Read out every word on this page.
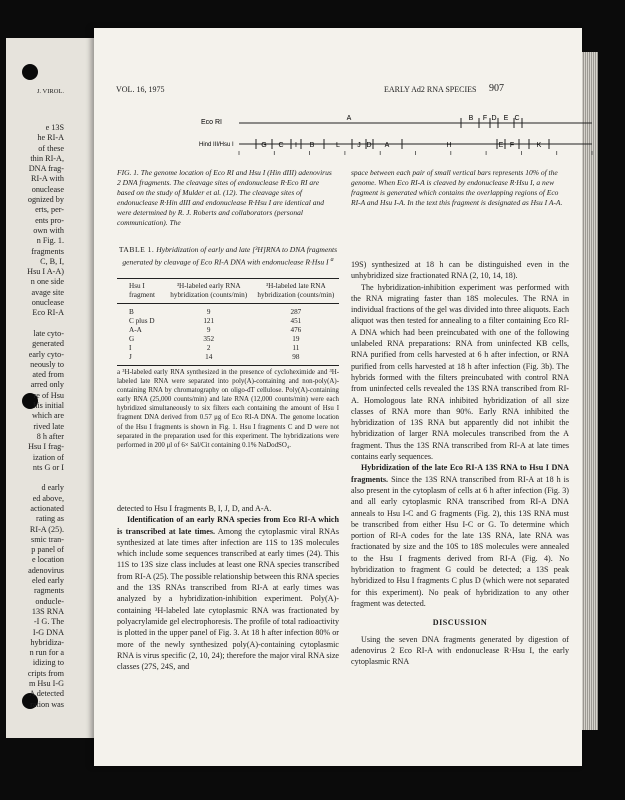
J. VIROL.
e 13S
he RI-A
of these
thin RI-A,
DNA frag-
RI-A with
onuclease
ognized by
erts, per-
ents pro-
own with
n Fig. 1.
fragments
C, B, I,
Hsu I A-A)
n one side
avage site
onuclease
Eco RI-A

late cyto-
generated
early cyto-
neously to
ated from
arred only
re of Hsu
his initial
which are
rived late
8 h after
Hsu I frag-
ization of
nts G or I

d early
ed above,
actionated
rating as
RI-A (25).
smic tran-
p panel of
e location
adenovirus
eled early
ragments
onducle-
13S RNA
-I G. The
I-G DNA
hybridiza-
n run for a
idizing to
cripts from
m Hsu I-G
A detected
ration was
VOL. 16, 1975	EARLY Ad2 RNA SPECIES 907
Eco RI
Hind III/Hsu I
A	B F D E C
G C I B	L J D A	H	E F	K
FIG. 1. The genome location of Eco RI and Hsu I (Hin dIII) adenovirus 2 DNA fragments. The cleavage sites of endonuclease R·Eco RI are based on the study of Mulder et al. (12). The cleavage sites of endonuclease R·Hin dIII and endonuclease R·Hsu I are identical and were determined by R. J. Roberts and collaborators (personal communication). The
space between each pair of small vertical bars represents 10% of the genome. When Eco RI-A is cleaved by endonuclease R·Hsu I, a new fragment is generated which contains the overlapping regions of Eco RI-A and Hsu I-A. In the text this fragment is designated as Hsu I A-A.
TABLE 1. Hybridization of early and late [³H]RNA to DNA fragments generated by cleavage of Eco RI-A DNA with endonuclease R·Hsu I $^a$
Hsu I fragment	³H-labeled early RNA hybridization (counts/min)	³H-labeled late RNA hybridization (counts/min)
B	9	287
C plus D	121	451
A-A	9	476
G	352	19
I	2	11
J	14	98
a ³H-labeled early RNA synthesized in the presence of cycloheximide and ³H-labeled late RNA were separated into poly(A)-containing and non-poly(A)-containing RNA by chromatography on oligo-dT cellulose. Poly(A)-containing early RNA (25,000 counts/min) and late RNA (12,000 counts/min) were each hybridized simultaneously to six filters each containing the amount of Hsu I fragment DNA derived from 0.57 μg of Eco RI-A DNA. The genome location of the Hsu I fragments is shown in Fig. 1. Hsu I fragments C and D were not separated in the preparation used for this experiment. The hybridizations were performed in 200 μl of 6× Sal/Cit containing 0.1% NaDodSO₄.

detected to Hsu I fragments B, I, J, D, and A-A.

Identification of an early RNA species from Eco RI-A which is transcribed at late times. Among the cytoplasmic viral RNAs synthesized at late times after infection are 11S to 13S molecules which include some sequences transcribed at early times (24). This 11S to 13S size class includes at least one RNA species transcribed from RI-A (25). The possible relationship between this RNA species and the 13S RNAs transcribed from RI-A at early times was analyzed by a hybridization-inhibition experiment. Poly(A)-containing ³H-labeled late cytoplasmic RNA was fractionated by polyacrylamide gel electrophoresis. The profile of total radioactivity is plotted in the upper panel of Fig. 3. At 18 h after infection 80% or more of the newly synthesized poly(A)-containing cytoplasmic RNA is virus specific (2, 10, 24); therefore the major viral RNA size classes (27S, 24S, and

19S) synthesized at 18 h can be distinguished even in the unhybridized size fractionated RNA (2, 10, 14, 18).

The hybridization-inhibition experiment was performed with the RNA migrating faster than 18S molecules. The RNA in individual fractions of the gel was divided into three aliquots. Each aliquot was then tested for annealing to a filter containing Eco RI-A DNA which had been preincubated with one of the following unlabeled RNA preparations: RNA from uninfected KB cells, RNA purified from cells harvested at 6 h after infection, or RNA purified from cells harvested at 18 h after infection (Fig. 3b). The hybrids formed with the filters preincubated with control RNA from uninfected cells revealed the 13S RNA transcribed from RI-A. Homologous late RNA inhibited hybridization of all size classes of RNA more than 90%. Early RNA inhibited the hybridization of 13S RNA but apparently did not inhibit the hybridization of larger RNA molecules transcribed from the A fragment. Thus the 13S RNA transcribed from RI-A at late times contains early sequences.

Hybridization of the late Eco RI-A 13S RNA to Hsu I DNA fragments. Since the 13S RNA transcribed from RI-A at 18 h is also present in the cytoplasm of cells at 6 h after infection (Fig. 3) and all early cytoplasmic RNA transcribed from RI-A DNA anneals to Hsu I-C and G fragments (Fig. 2), this 13S RNA must be transcribed from either Hsu I-C or G. To determine which portion of RI-A codes for the late 13S RNA, late RNA was fractionated by size and the 10S to 18S molecules were annealed to the Hsu I fragments derived from RI-A (Fig. 4). No hybridization to fragment G could be detected; a 13S peak hybridized to Hsu I fragments C plus D (which were not separated for this experiment). No peak of hybridization to any other fragment was detected.

DISCUSSION

Using the seven DNA fragments generated by digestion of adenovirus 2 Eco RI-A with endonuclease R·Hsu I, the early cytoplasmic RNA
